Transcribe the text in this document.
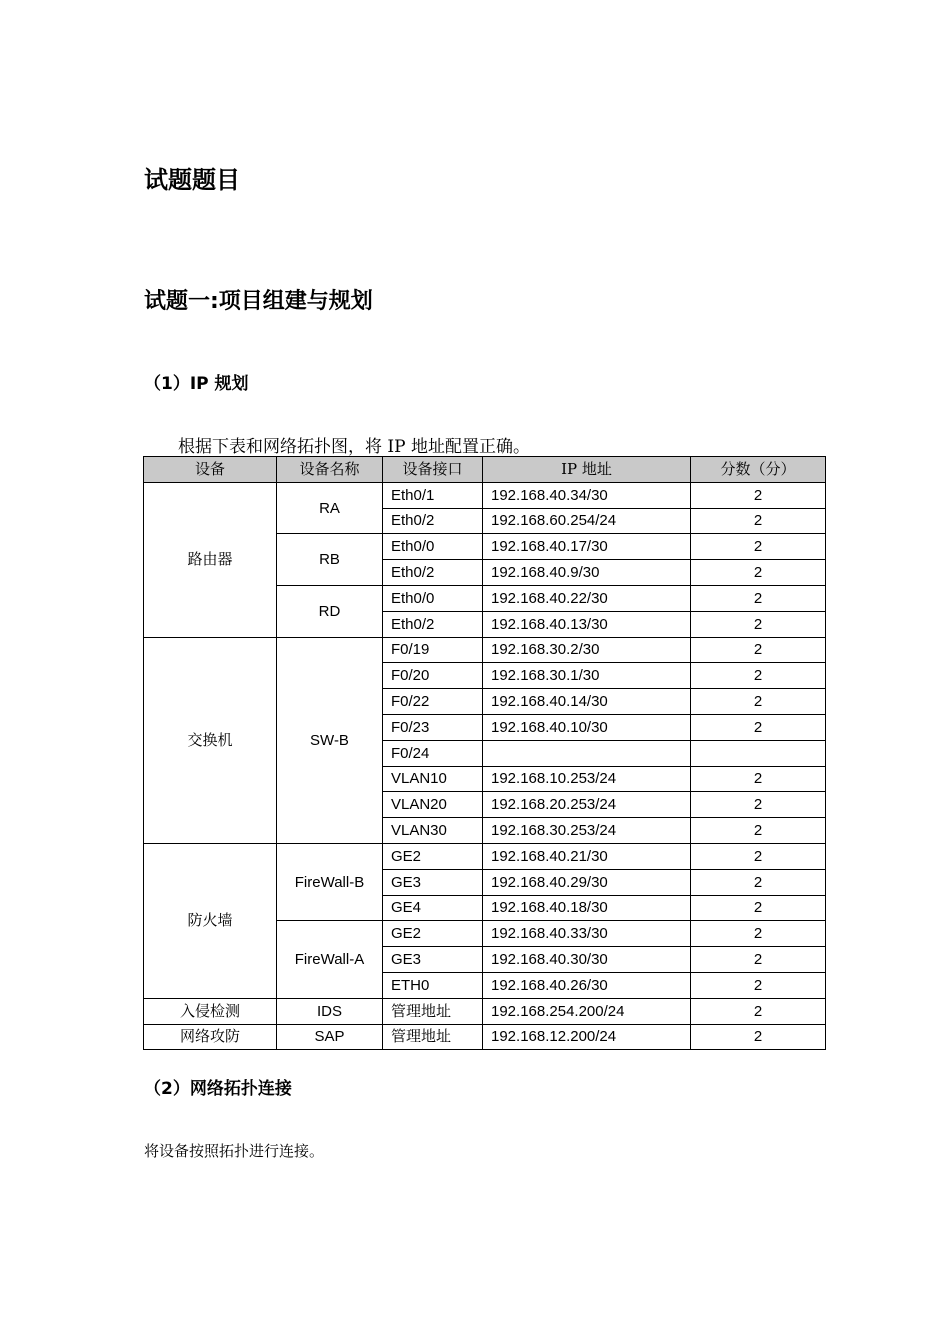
试题题目
试题一:项目组建与规划
（1）IP 规划
根据下表和网络拓扑图，将 IP 地址配置正确。
设备	设备名称	设备接口	IP 地址	分数（分）
路由器	RA	Eth0/1	192.168.40.34/30	2
		Eth0/2	192.168.60.254/24	2
	RB	Eth0/0	192.168.40.17/30	2
		Eth0/2	192.168.40.9/30	2
	RD	Eth0/0	192.168.40.22/30	2
		Eth0/2	192.168.40.13/30	2
交换机	SW-B	F0/19	192.168.30.2/30	2
		F0/20	192.168.30.1/30	2
		F0/22	192.168.40.14/30	2
		F0/23	192.168.40.10/30	2
		F0/24		
		VLAN10	192.168.10.253/24	2
		VLAN20	192.168.20.253/24	2
		VLAN30	192.168.30.253/24	2
防火墙	FireWall-B	GE2	192.168.40.21/30	2
		GE3	192.168.40.29/30	2
		GE4	192.168.40.18/30	2
	FireWall-A	GE2	192.168.40.33/30	2
		GE3	192.168.40.30/30	2
		ETH0	192.168.40.26/30	2
入侵检测	IDS	管理地址	192.168.254.200/24	2
网络攻防	SAP	管理地址	192.168.12.200/24	2
（2）网络拓扑连接
将设备按照拓扑进行连接。
